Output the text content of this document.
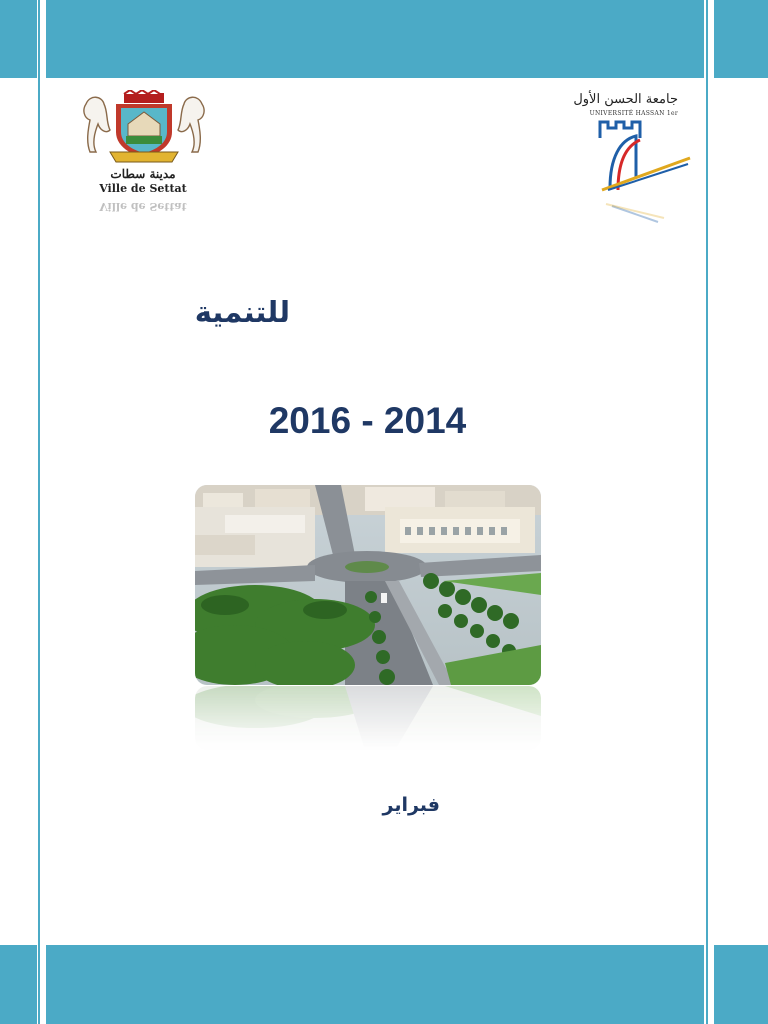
مدينة سطات
Ville de Settat
Ville de Settat
جامعة الحسن الأول
UNIVERSITÉ HASSAN 1er
للتنمية
2016 - 2014
فبراير
